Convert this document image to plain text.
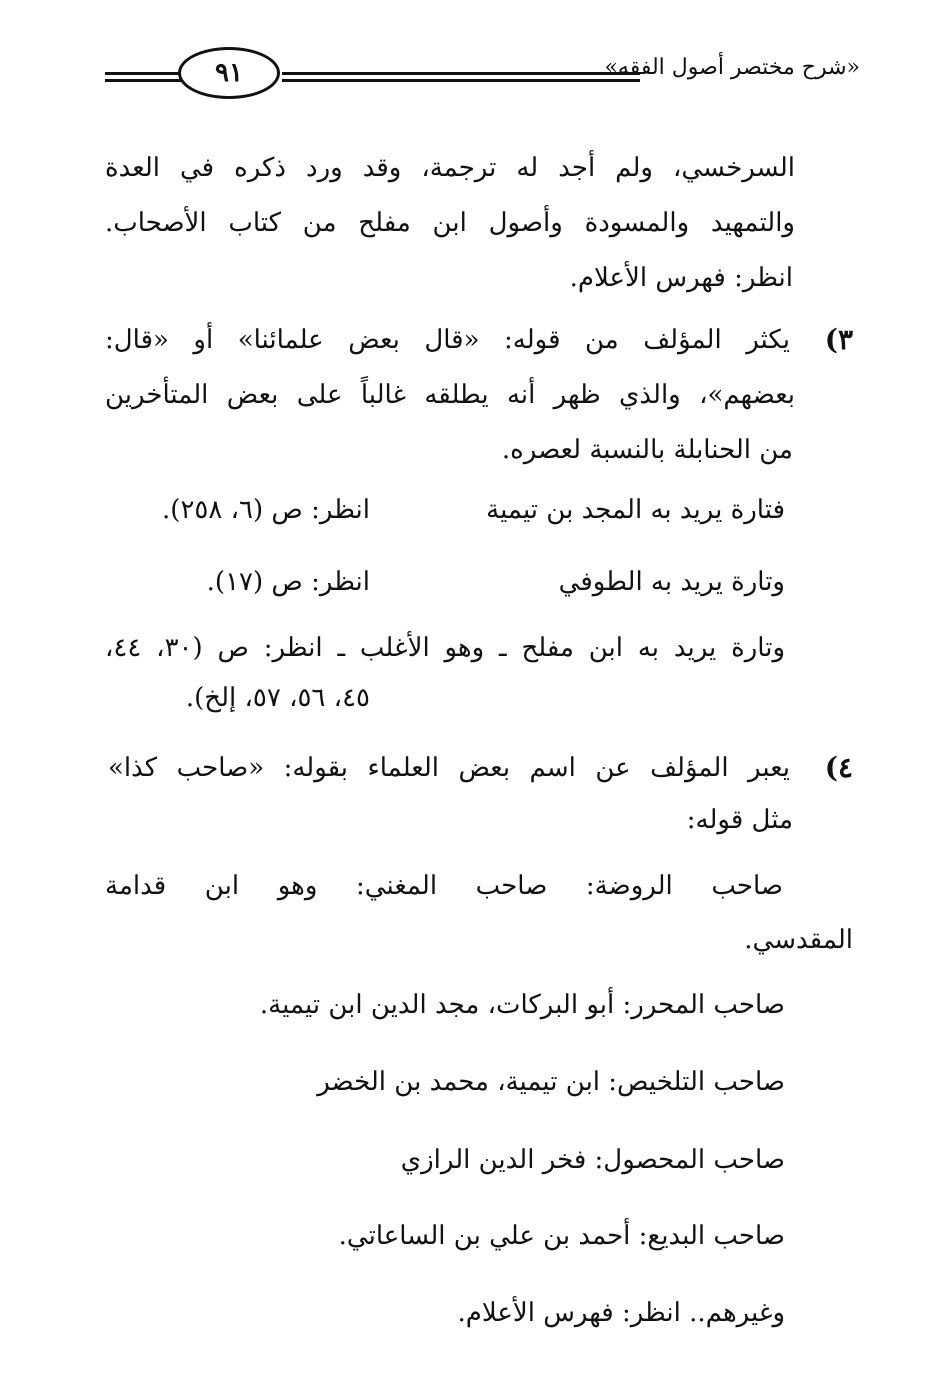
٩١	«شرح مختصر أصول الفقه»
السرخسي، ولم أجد له ترجمة، وقد ورد ذكره في العدة
والتمهيد والمسودة وأصول ابن مفلح من كتاب الأصحاب.
انظر: فهرس الأعلام.
٣)
يكثر المؤلف من قوله: «قال بعض علمائنا» أو «قال:
بعضهم»، والذي ظهر أنه يطلقه غالباً على بعض المتأخرين
من الحنابلة بالنسبة لعصره.
فتارة يريد به المجد بن تيمية
انظر: ص (٦، ٢٥٨).
وتارة يريد به الطوفي
انظر: ص (١٧).
وتارة يريد به ابن مفلح ـ وهو الأغلب ـ انظر: ص (٣٠، ٤٤،
٤٥، ٥٦، ٥٧، إلخ).
٤)
يعبر المؤلف عن اسم بعض العلماء بقوله: «صاحب كذا»
مثل قوله:
صاحب الروضة: صاحب المغني: وهو ابن قدامة
المقدسي.
صاحب المحرر: أبو البركات، مجد الدين ابن تيمية.
صاحب التلخيص: ابن تيمية، محمد بن الخضر
صاحب المحصول: فخر الدين الرازي
صاحب البديع: أحمد بن علي بن الساعاتي.
وغيرهم.. انظر: فهرس الأعلام.
